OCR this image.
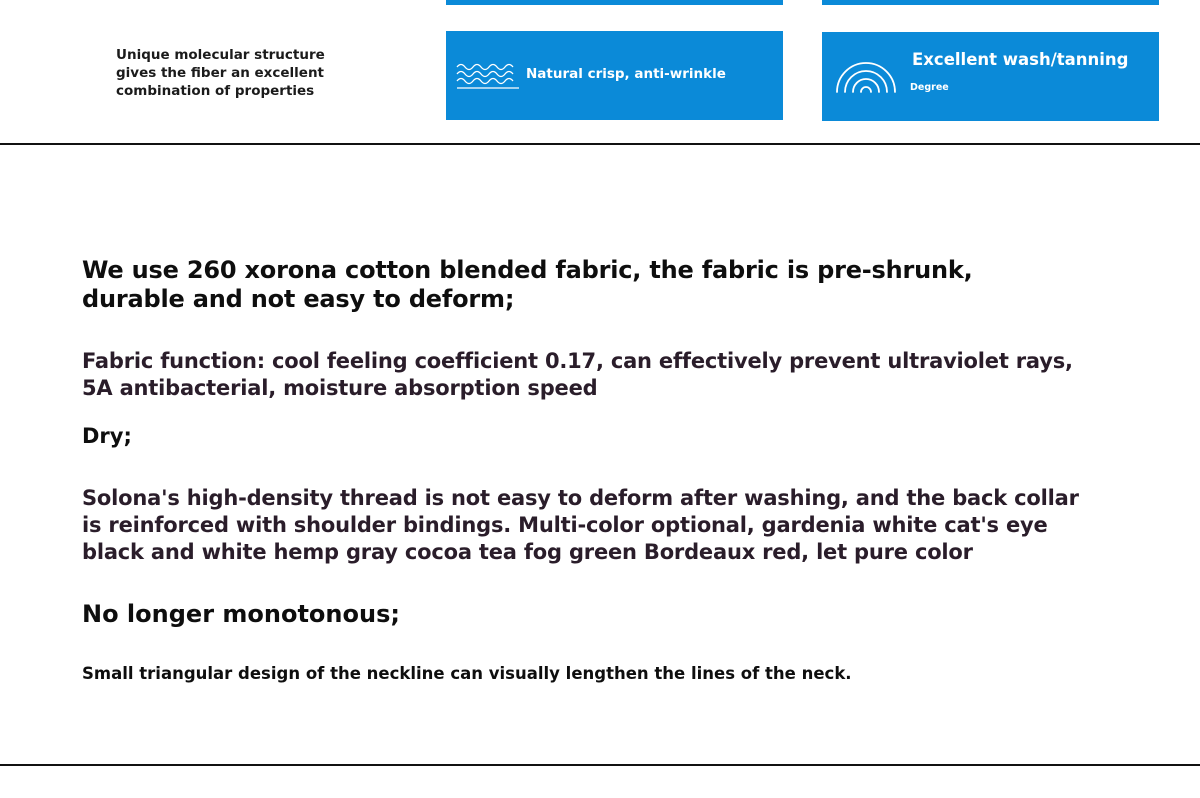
Unique molecular structure gives the fiber an excellent combination of properties
Natural crisp, anti-wrinkle
Excellent wash/tanning
Degree

We use 260 xorona cotton blended fabric, the fabric is pre-shrunk, durable and not easy to deform;

Fabric function: cool feeling coefficient 0.17, can effectively prevent ultraviolet rays, 5A antibacterial, moisture absorption speed

Dry;

Solona's high-density thread is not easy to deform after washing, and the back collar is reinforced with shoulder bindings. Multi-color optional, gardenia white cat's eye black and white hemp gray cocoa tea fog green Bordeaux red, let pure color

No longer monotonous;

Small triangular design of the neckline can visually lengthen the lines of the neck.
